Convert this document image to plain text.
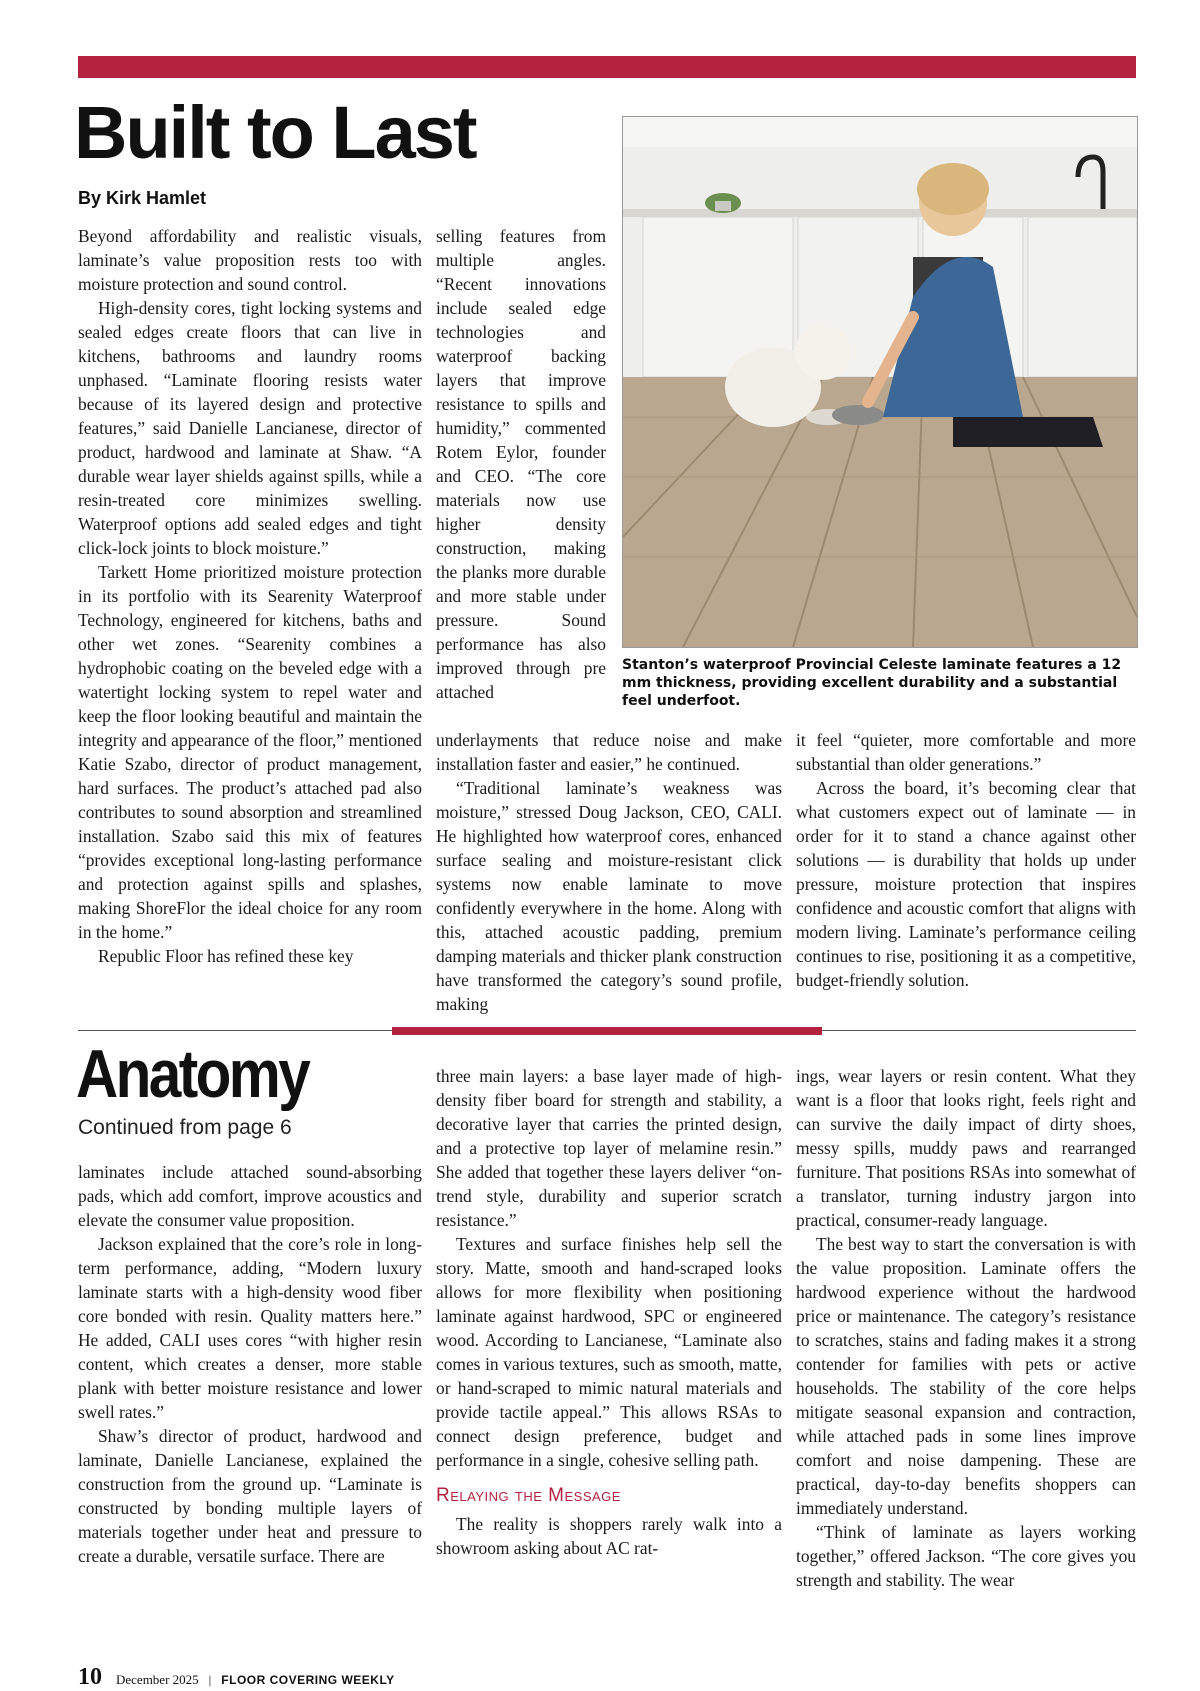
Built to Last
By Kirk Hamlet

Beyond affordability and realistic visuals, laminate’s value proposition rests too with moisture protection and sound control.

High-density cores, tight locking systems and sealed edges create floors that can live in kitchens, bathrooms and laundry rooms unphased. “Laminate flooring resists water because of its layered design and protective features,” said Danielle Lancianese, director of product, hardwood and laminate at Shaw. “A durable wear layer shields against spills, while a resin-treated core minimizes swelling. Waterproof options add sealed edges and tight click-lock joints to block moisture.”

Tarkett Home prioritized moisture protection in its portfolio with its Searenity Waterproof Technology, engineered for kitchens, baths and other wet zones. “Searenity combines a hydrophobic coating on the beveled edge with a watertight locking system to repel water and keep the floor looking beautiful and maintain the integrity and appearance of the floor,” mentioned Katie Szabo, director of product management, hard surfaces. The product’s attached pad also contributes to sound absorption and streamlined installation. Szabo said this mix of features “provides exceptional long-lasting performance and protection against spills and splashes, making ShoreFlor the ideal choice for any room in the home.”

Republic Floor has refined these key

selling features from multiple angles. “Recent innovations include sealed edge technologies and waterproof backing layers that improve resistance to spills and humidity,” commented Rotem Eylor, founder and CEO. “The core materials now use higher density construction, making the planks more durable and more stable under pressure. Sound performance has also improved through pre attached

Stanton’s waterproof Provincial Celeste laminate features a 12 mm thickness, providing excellent durability and a substantial feel underfoot.

underlayments that reduce noise and make installation faster and easier,” he continued.

“Traditional laminate’s weakness was moisture,” stressed Doug Jackson, CEO, CALI. He highlighted how waterproof cores, enhanced surface sealing and moisture-resistant click systems now enable laminate to move confidently everywhere in the home. Along with this, attached acoustic padding, premium damping materials and thicker plank construction have transformed the category’s sound profile, making

it feel “quieter, more comfortable and more substantial than older generations.”

Across the board, it’s becoming clear that what customers expect out of laminate — in order for it to stand a chance against other solutions — is durability that holds up under pressure, moisture protection that inspires confidence and acoustic comfort that aligns with modern living. Laminate’s performance ceiling continues to rise, positioning it as a competitive, budget-friendly solution.

Anatomy
Continued from page 6

laminates include attached sound-absorbing pads, which add comfort, improve acoustics and elevate the consumer value proposition.

Jackson explained that the core’s role in long-term performance, adding, “Modern luxury laminate starts with a high-density wood fiber core bonded with resin. Quality matters here.” He added, CALI uses cores “with higher resin content, which creates a denser, more stable plank with better moisture resistance and lower swell rates.”

Shaw’s director of product, hardwood and laminate, Danielle Lancianese, explained the construction from the ground up. “Laminate is constructed by bonding multiple layers of materials together under heat and pressure to create a durable, versatile surface. There are

three main layers: a base layer made of high-density fiber board for strength and stability, a decorative layer that carries the printed design, and a protective top layer of melamine resin.” She added that together these layers deliver “on-trend style, durability and superior scratch resistance.”

Textures and surface finishes help sell the story. Matte, smooth and hand-scraped looks allows for more flexibility when positioning laminate against hardwood, SPC or engineered wood. According to Lancianese, “Laminate also comes in various textures, such as smooth, matte, or hand-scraped to mimic natural materials and provide tactile appeal.” This allows RSAs to connect design preference, budget and performance in a single, cohesive selling path.

Relaying the Message

The reality is shoppers rarely walk into a showroom asking about AC rat-

ings, wear layers or resin content. What they want is a floor that looks right, feels right and can survive the daily impact of dirty shoes, messy spills, muddy paws and rearranged furniture. That positions RSAs into somewhat of a translator, turning industry jargon into practical, consumer-ready language.

The best way to start the conversation is with the value proposition. Laminate offers the hardwood experience without the hardwood price or maintenance. The category’s resistance to scratches, stains and fading makes it a strong contender for families with pets or active households. The stability of the core helps mitigate seasonal expansion and contraction, while attached pads in some lines improve comfort and noise dampening. These are practical, day-to-day benefits shoppers can immediately understand.

“Think of laminate as layers working together,” offered Jackson. “The core gives you strength and stability. The wear

10 December 2025 | FLOOR COVERING WEEKLY
